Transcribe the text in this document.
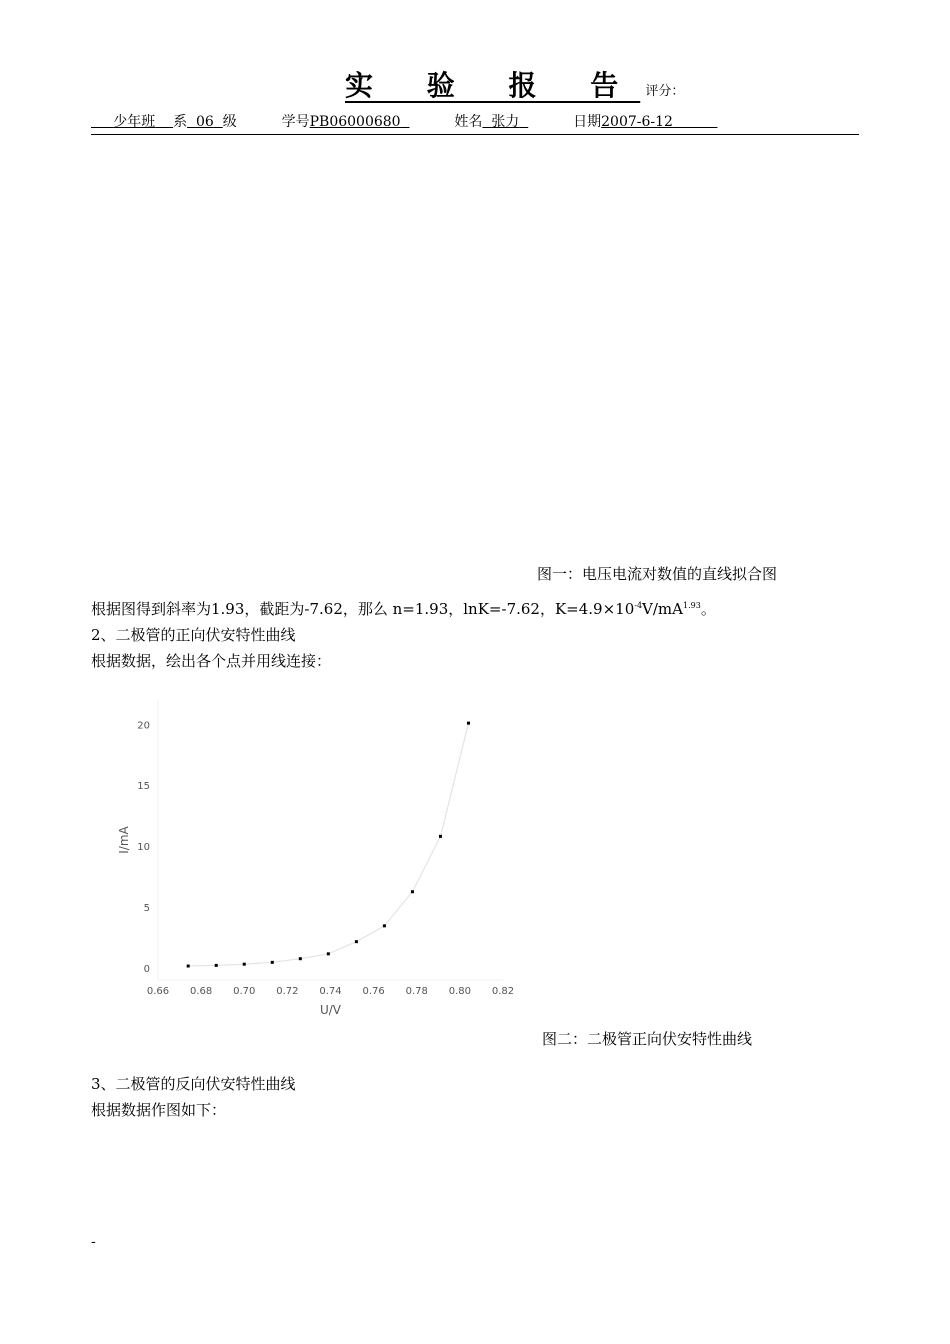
实 验 报 告 评分：
少年班 系 06 级	学号PB06000680	姓名 张力	日期2007-6-12
图一：电压电流对数值的直线拟合图
根据图得到斜率为1.93，截距为-7.62，那么 n=1.93，lnK=-7.62，$K=4.9\times 10^{-4}V/mA^{1.93}$。
2、二极管的正向伏安特性曲线
根据数据，绘出各个点并用线连接：
0
5
10
15
20
0.66 0.68 0.70 0.72 0.74 0.76 0.78 0.80 0.82
U/V
I/mA
图二：二极管正向伏安特性曲线
3、二极管的反向伏安特性曲线
根据数据作图如下：
-
